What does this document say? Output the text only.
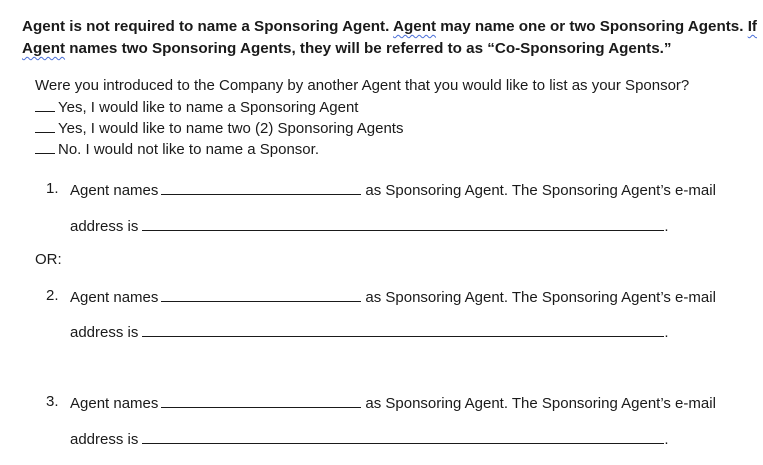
Agent is not required to name a Sponsoring Agent. Agent may name one or two Sponsoring Agents. If

Agent names two Sponsoring Agents, they will be referred to as “Co-Sponsoring Agents.”

Were you introduced to the Company by another Agent that you would like to list as your Sponsor?
Yes, I would like to name a Sponsoring Agent
Yes, I would like to name two (2) Sponsoring Agents
No. I would not like to name a Sponsor.
1. Agent names	as Sponsoring Agent. The Sponsoring Agent’s e-mail
address is	.
OR:
2. Agent names	as Sponsoring Agent. The Sponsoring Agent’s e-mail
address is	.
3. Agent names	as Sponsoring Agent. The Sponsoring Agent’s e-mail
address is	.
